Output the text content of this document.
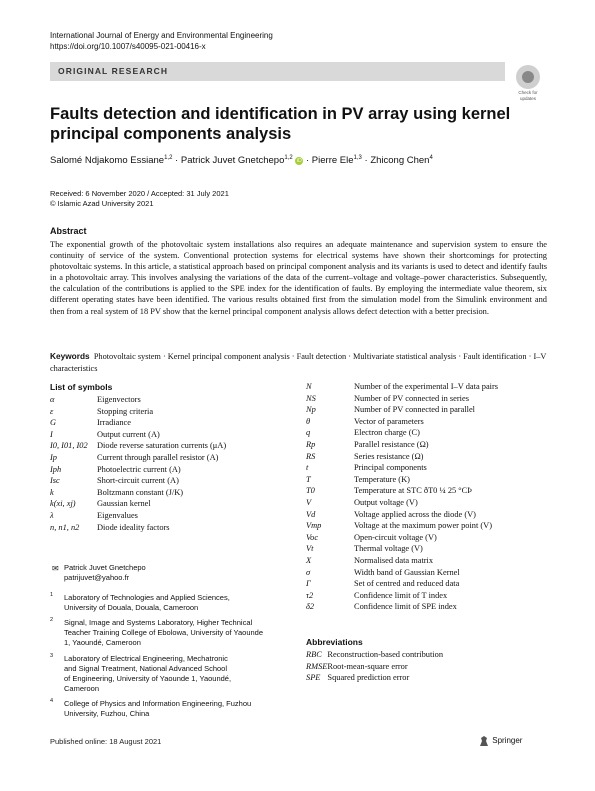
International Journal of Energy and Environmental Engineering
https://doi.org/10.1007/s40095-021-00416-x
ORIGINAL RESEARCH
Check for
updates
Faults detection and identification in PV array using kernel principal components analysis
Salomé Ndjakomo Essiane$^{1,2}$ · Patrick Juvet Gnetchepo$^{1,2}$ iD · Pierre Ele$^{1,3}$ · Zhicong Chen$^4$
Received: 6 November 2020 / Accepted: 31 July 2021
© Islamic Azad University 2021
Abstract
The exponential growth of the photovoltaic system installations also requires an adequate maintenance and supervision system to ensure the continuity of service of the system. Conventional protection systems for electrical systems have shown their shortcomings for protecting photovoltaic systems. In this article, a statistical approach based on principal component analysis and its variants is used to detect and identify faults in a photovoltaic array. This involves analysing the variations of the data of the current–voltage and voltage–power characteristics. Subsequently, the calculation of the contributions is applied to the SPE index for the identification of faults. By employing the intermediate value theorem, six different operating states have been identified. The various results obtained first from the simulation model from the Simulink environment and then from a real system of 18 PV show that the kernel principal component analysis allows defect detection with a better precision.
Keywords Photovoltaic system · Kernel principal component analysis · Fault detection · Multivariate statistical analysis · Fault identification · I–V characteristics
List of symbols
α	Eigenvectors
ε	Stopping criteria
G	Irradiance
I	Output current (A)
I0, I01, I02	Diode reverse saturation currents (μA)
Ip	Current through parallel resistor (A)
Iph	Photoelectric current (A)
Isc	Short-circuit current (A)
k	Boltzmann constant (J/K)
k(xi, xj)	Gaussian kernel
λ	Eigenvalues
n, n1, n2	Diode ideality factors
N	Number of the experimental I–V data pairs
NS	Number of PV connected in series
Np	Number of PV connected in parallel
θ	Vector of parameters
q	Electron charge (C)
Rp	Parallel resistance (Ω)
RS	Series resistance (Ω)
t	Principal components
T	Temperature (K)
T0	Temperature at STC ðT0 ¼ 25 °CÞ
V	Output voltage (V)
Vd	Voltage applied across the diode (V)
Vmp	Voltage at the maximum power point (V)
Voc	Open-circuit voltage (V)
Vt	Thermal voltage (V)
X	Normalised data matrix
σ	Width band of Gaussian Kernel
Γ	Set of centred and reduced data
τ2	Confidence limit of T index
δ2	Confidence limit of SPE index
Abbreviations
RBC	Reconstruction-based contribution
RMSE	Root-mean-square error
SPE	Squared prediction error
✉ Patrick Juvet Gnetchepo
patrijuvet@yahoo.fr
1	Laboratory of Technologies and Applied Sciences,
University of Douala, Douala, Cameroon
2	Signal, Image and Systems Laboratory, Higher Technical
Teacher Training College of Ebolowa, University of Yaounde
1, Yaoundé, Cameroon
3	Laboratory of Electrical Engineering, Mechatronic
and Signal Treatment, National Advanced School
of Engineering, University of Yaounde 1, Yaoundé,
Cameroon
4	College of Physics and Information Engineering, Fuzhou
University, Fuzhou, China
Published online: 18 August 2021	Springer
